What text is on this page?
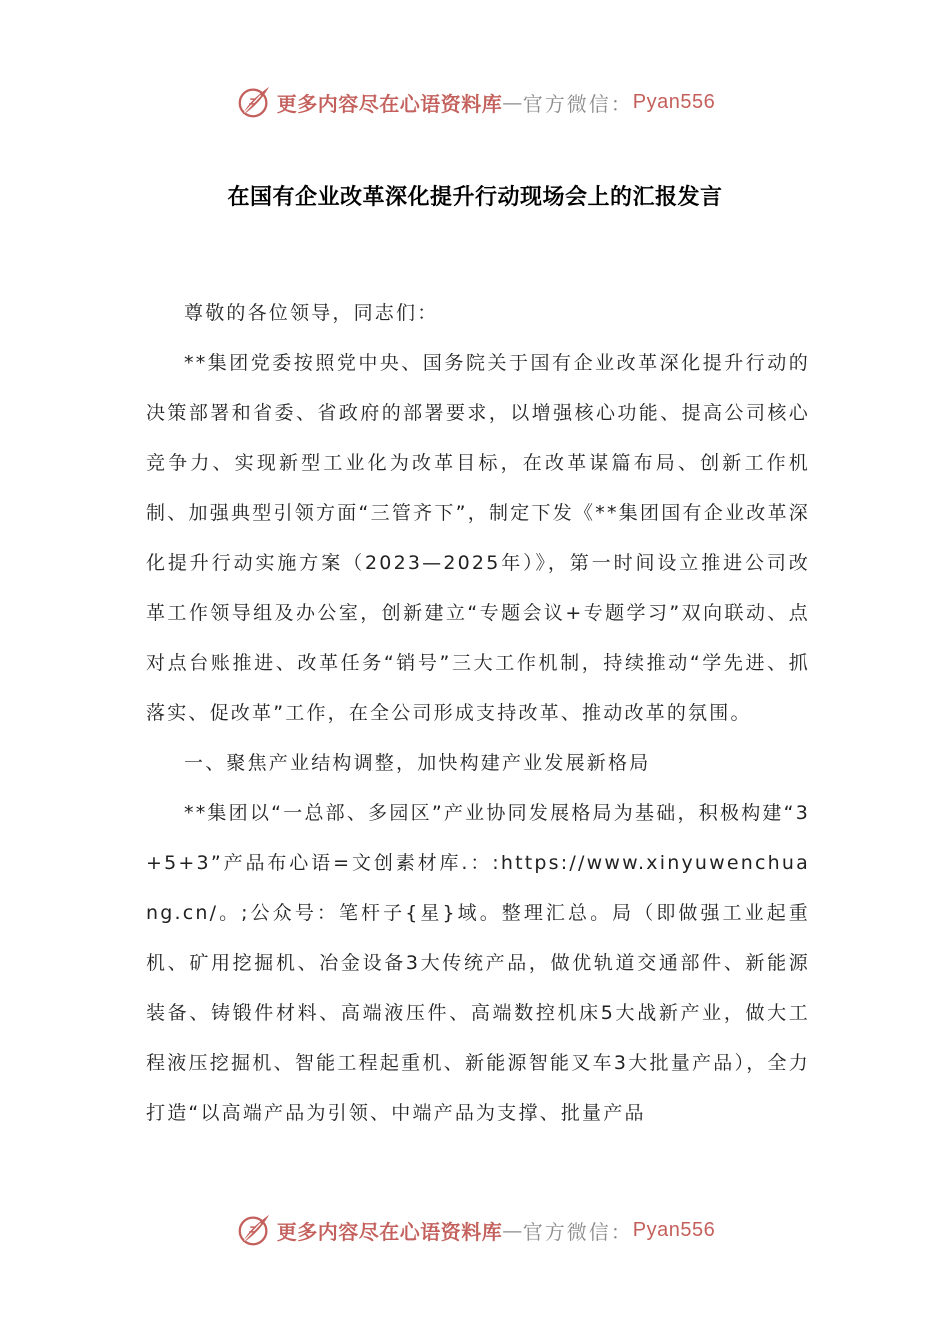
更多内容尽在心语资料库 — 官方微信： Pyan556
在国有企业改革深化提升行动现场会上的汇报发言

尊敬的各位领导，同志们：

**集团党委按照党中央、国务院关于国有企业改革深化提升行动的决策部署和省委、省政府的部署要求，以增强核心功能、提高公司核心竞争力、实现新型工业化为改革目标，在改革谋篇布局、创新工作机制、加强典型引领方面“三管齐下”，制定下发《**集团国有企业改革深化提升行动实施方案（2023—2025年）》，第一时间设立推进公司改革工作领导组及办公室，创新建立“专题会议+专题学习”双向联动、点对点台账推进、改革任务“销号”三大工作机制，持续推动“学先进、抓落实、促改革”工作，在全公司形成支持改革、推动改革的氛围。

一、聚焦产业结构调整，加快构建产业发展新格局

**集团以“一总部、多园区”产业协同发展格局为基础，积极构建“3+5+3”产品布心语=文创素材库.：:https://www.xinyuwenchuang.cn/。;公众号：笔杆子{星}域。整理汇总。局（即做强工业起重机、矿用挖掘机、冶金设备3大传统产品，做优轨道交通部件、新能源装备、铸锻件材料、高端液压件、高端数控机床5大战新产业，做大工程液压挖掘机、智能工程起重机、新能源智能叉车3大批量产品），全力打造“以高端产品为引领、中端产品为支撑、批量产品

更多内容尽在心语资料库 — 官方微信： Pyan556
